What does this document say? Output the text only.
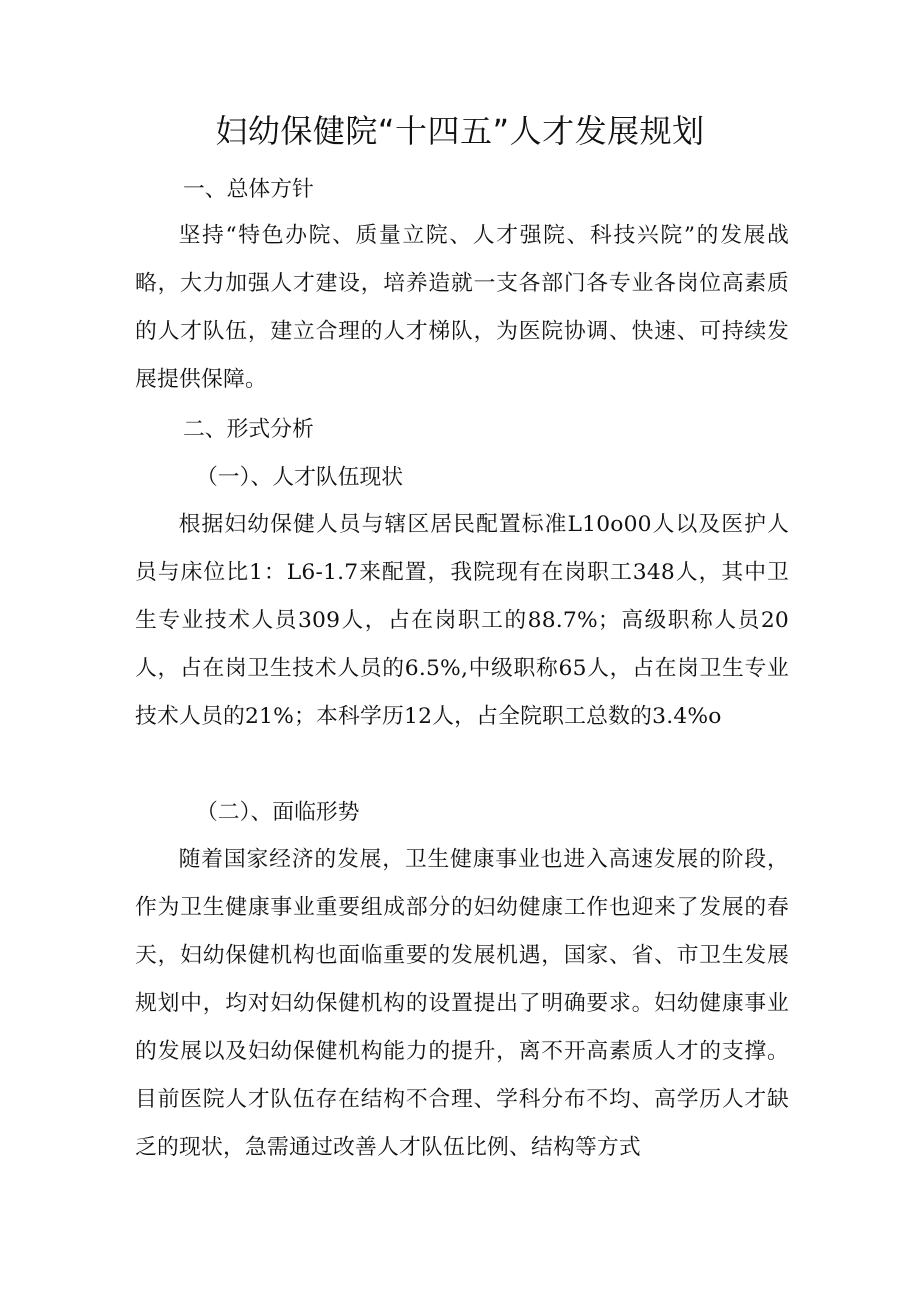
妇幼保健院“十四五”人才发展规划
一、总体方针
坚持“特色办院、质量立院、人才强院、科技兴院”的发展战略，大力加强人才建设，培养造就一支各部门各专业各岗位高素质的人才队伍，建立合理的人才梯队，为医院协调、快速、可持续发展提供保障。
二、形式分析
（一）、人才队伍现状
根据妇幼保健人员与辖区居民配置标准L10o00人以及医护人员与床位比1：L6-1.7来配置，我院现有在岗职工348人，其中卫生专业技术人员309人，占在岗职工的88.7%；高级职称人员20人，占在岗卫生技术人员的6.5%,中级职称65人，占在岗卫生专业技术人员的21%；本科学历12人，占全院职工总数的3.4%o
（二）、面临形势
随着国家经济的发展，卫生健康事业也进入高速发展的阶段，作为卫生健康事业重要组成部分的妇幼健康工作也迎来了发展的春天，妇幼保健机构也面临重要的发展机遇，国家、省、市卫生发展规划中，均对妇幼保健机构的设置提出了明确要求。妇幼健康事业的发展以及妇幼保健机构能力的提升，离不开高素质人才的支撑。目前医院人才队伍存在结构不合理、学科分布不均、高学历人才缺乏的现状，急需通过改善人才队伍比例、结构等方式
